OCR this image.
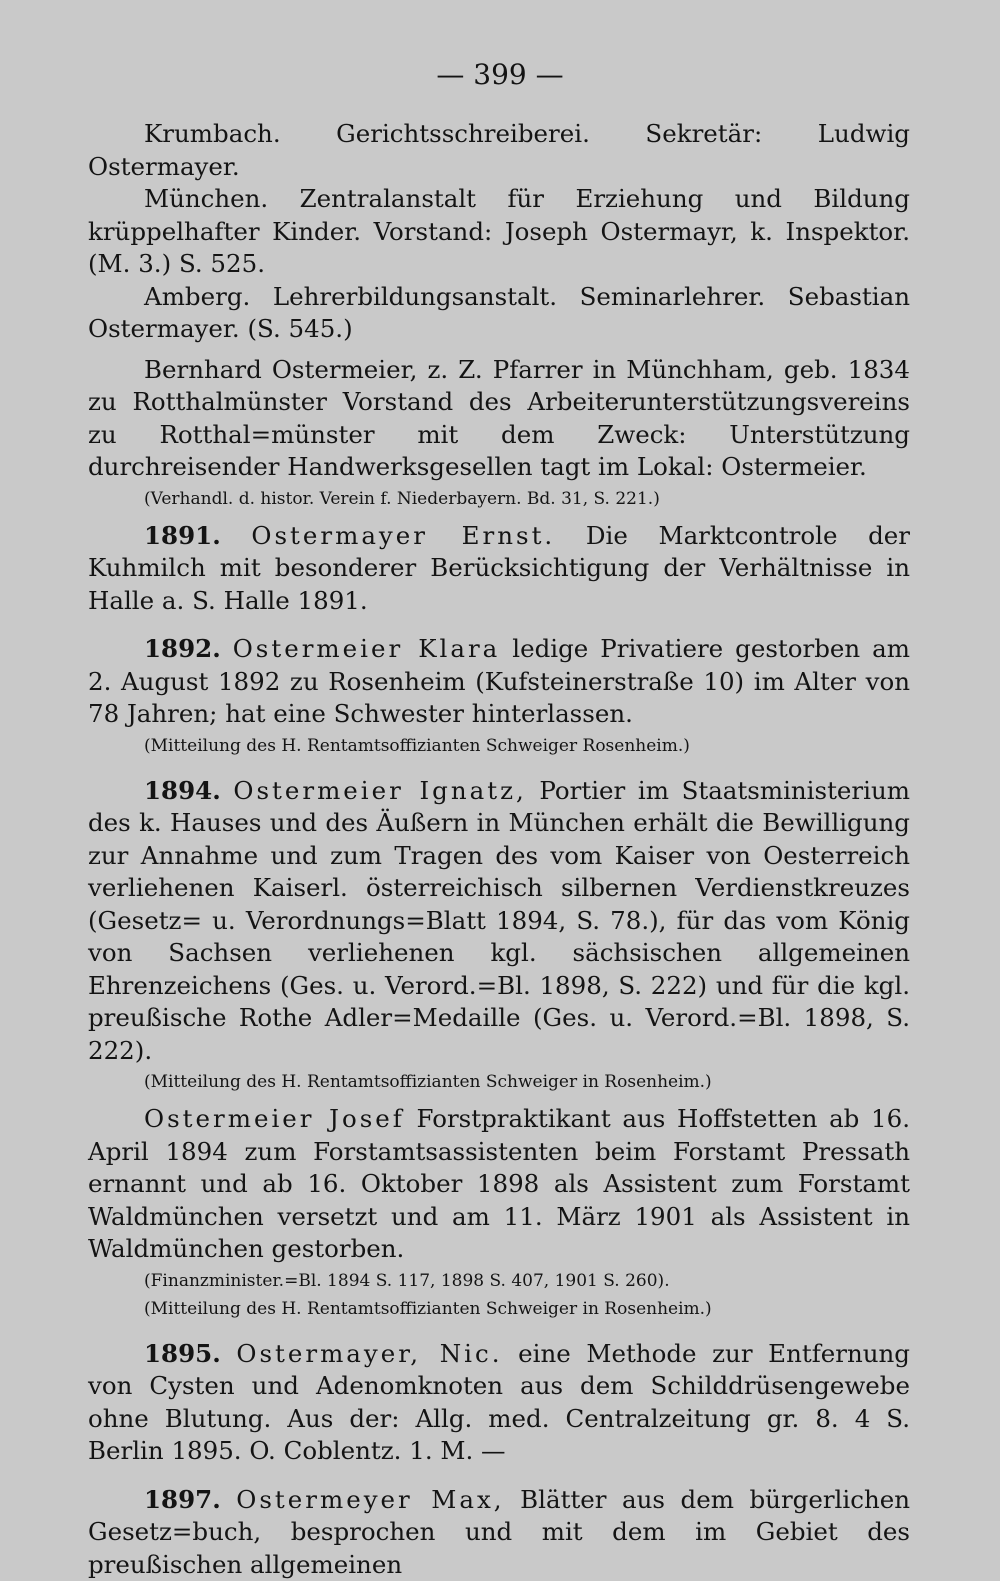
— 399 —

Krumbach. Gerichtsschreiberei. Sekretär: Ludwig Ostermayer.

München. Zentralanstalt für Erziehung und Bildung krüppelhafter Kinder. Vorstand: Joseph Ostermayr, k. Inspektor. (M. 3.) S. 525.

Amberg. Lehrerbildungsanstalt. Seminarlehrer. Sebastian Ostermayer. (S. 545.)

Bernhard Ostermeier, z. Z. Pfarrer in Münchham, geb. 1834 zu Rotthalmünster Vorstand des Arbeiterunterstützungsvereins zu Rotthal=münster mit dem Zweck: Unterstützung durchreisender Handwerksgesellen tagt im Lokal: Ostermeier.

(Verhandl. d. histor. Verein f. Niederbayern. Bd. 31, S. 221.)

1891. Ostermayer Ernst. Die Marktcontrole der Kuhmilch mit besonderer Berücksichtigung der Verhältnisse in Halle a. S. Halle 1891.

1892. Ostermeier Klara ledige Privatiere gestorben am 2. August 1892 zu Rosenheim (Kufsteinerstraße 10) im Alter von 78 Jahren; hat eine Schwester hinterlassen.

(Mitteilung des H. Rentamtsoffizianten Schweiger Rosenheim.)

1894. Ostermeier Ignatz, Portier im Staatsministerium des k. Hauses und des Äußern in München erhält die Bewilligung zur Annahme und zum Tragen des vom Kaiser von Oesterreich verliehenen Kaiserl. österreichisch silbernen Verdienstkreuzes (Gesetz= u. Verordnungs=Blatt 1894, S. 78.), für das vom König von Sachsen verliehenen kgl. sächsischen allgemeinen Ehrenzeichens (Ges. u. Verord.=Bl. 1898, S. 222) und für die kgl. preußische Rothe Adler=Medaille (Ges. u. Verord.=Bl. 1898, S. 222).

(Mitteilung des H. Rentamtsoffizianten Schweiger in Rosenheim.)

Ostermeier Josef Forstpraktikant aus Hoffstetten ab 16. April 1894 zum Forstamtsassistenten beim Forstamt Pressath ernannt und ab 16. Oktober 1898 als Assistent zum Forstamt Waldmünchen versetzt und am 11. März 1901 als Assistent in Waldmünchen gestorben.

(Finanzminister.=Bl. 1894 S. 117, 1898 S. 407, 1901 S. 260).

(Mitteilung des H. Rentamtsoffizianten Schweiger in Rosenheim.)

1895. Ostermayer, Nic. eine Methode zur Entfernung von Cysten und Adenomknoten aus dem Schilddrüsengewebe ohne Blutung. Aus der: Allg. med. Centralzeitung gr. 8. 4 S. Berlin 1895. O. Coblentz. 1. M. —

1897. Ostermeyer Max, Blätter aus dem bürgerlichen Gesetz=buch, besprochen und mit dem im Gebiet des preußischen allgemeinen
